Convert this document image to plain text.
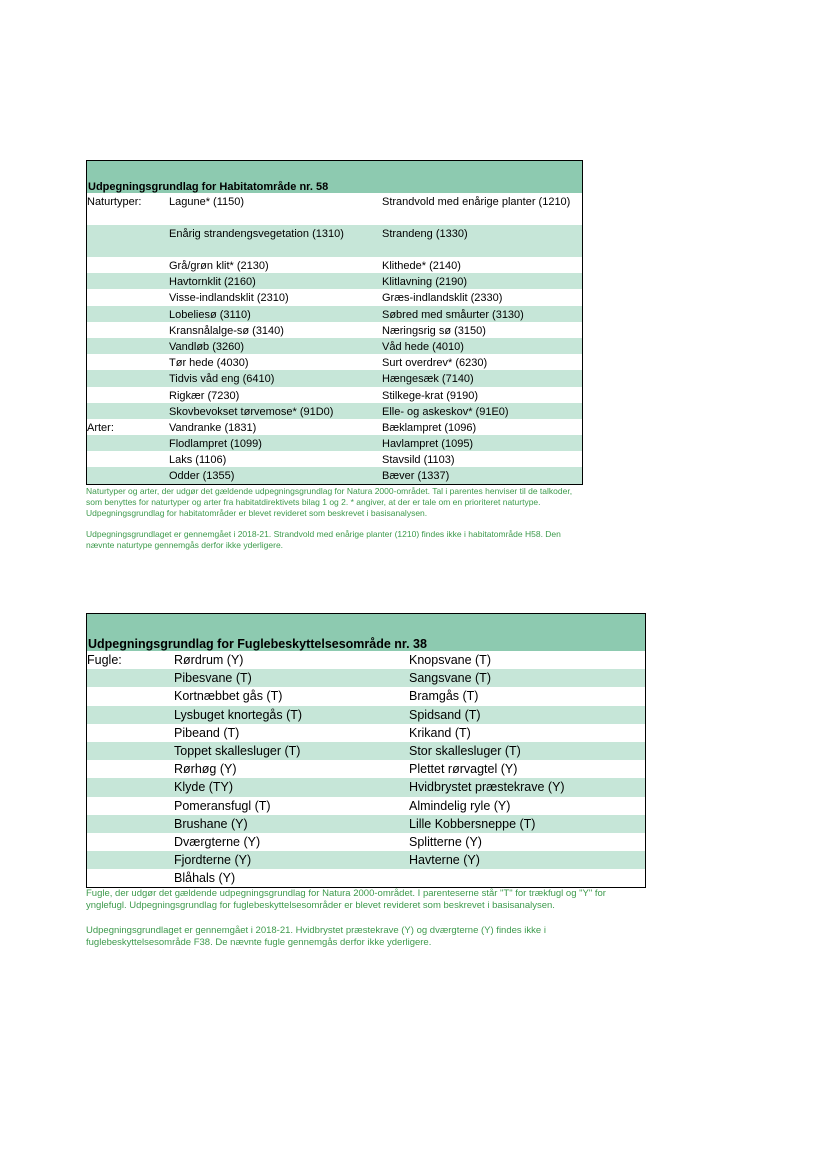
Udpegningsgrundlag for Habitatområde nr. 58
Naturtyper:	Lagune* (1150)	Strandvold med enårige planter (1210)
Enårig strandengsvegetation (1310)	Strandeng (1330)
Grå/grøn klit* (2130)	Klithede* (2140)
Havtornklit (2160)	Klitlavning (2190)
Visse-indlandsklit (2310)	Græs-indlandsklit (2330)
Lobeliesø (3110)	Søbred med småurter (3130)
Kransnålalge-sø (3140)	Næringsrig sø (3150)
Vandløb (3260)	Våd hede (4010)
Tør hede (4030)	Surt overdrev* (6230)
Tidvis våd eng (6410)	Hængesæk (7140)
Rigkær (7230)	Stilkege-krat (9190)
Skovbevokset tørvemose* (91D0)	Elle- og askeskov* (91E0)
Arter:	Vandranke (1831)	Bæklampret (1096)
Flodlampret (1099)	Havlampret (1095)
Laks (1106)	Stavsild (1103)
Odder (1355)	Bæver (1337)

Naturtyper og arter, der udgør det gældende udpegningsgrundlag for Natura 2000-området. Tal i parentes henviser til de talkoder, som benyttes for naturtyper og arter fra habitatdirektivets bilag 1 og 2. * angiver, at der er tale om en prioriteret naturtype. Udpegningsgrundlag for habitatområder er blevet revideret som beskrevet i basisanalysen.

Udpegningsgrundlaget er gennemgået i 2018-21. Strandvold med enårige planter (1210) findes ikke i habitatområde H58. Den nævnte naturtype gennemgås derfor ikke yderligere.

Udpegningsgrundlag for Fuglebeskyttelsesområde nr. 38
Fugle:	Rørdrum (Y)	Knopsvane (T)
Pibesvane (T)	Sangsvane (T)
Kortnæbbet gås (T)	Bramgås (T)
Lysbuget knortegås (T)	Spidsand (T)
Pibeand (T)	Krikand (T)
Toppet skallesluger (T)	Stor skallesluger (T)
Rørhøg (Y)	Plettet rørvagtel (Y)
Klyde (TY)	Hvidbrystet præstekrave (Y)
Pomeransfugl (T)	Almindelig ryle (Y)
Brushane (Y)	Lille Kobbersneppe (T)
Dværgterne (Y)	Splitterne (Y)
Fjordterne (Y)	Havterne (Y)
Blåhals (Y)

Fugle, der udgør det gældende udpegningsgrundlag for Natura 2000-området. I parenteserne står "T" for trækfugl og "Y" for ynglefugl. Udpegningsgrundlag for fuglebeskyttelsesområder er blevet revideret som beskrevet i basisanalysen.

Udpegningsgrundlaget er gennemgået i 2018-21. Hvidbrystet præstekrave (Y) og dværgterne (Y) findes ikke i fuglebeskyttelsesområde F38. De nævnte fugle gennemgås derfor ikke yderligere.
